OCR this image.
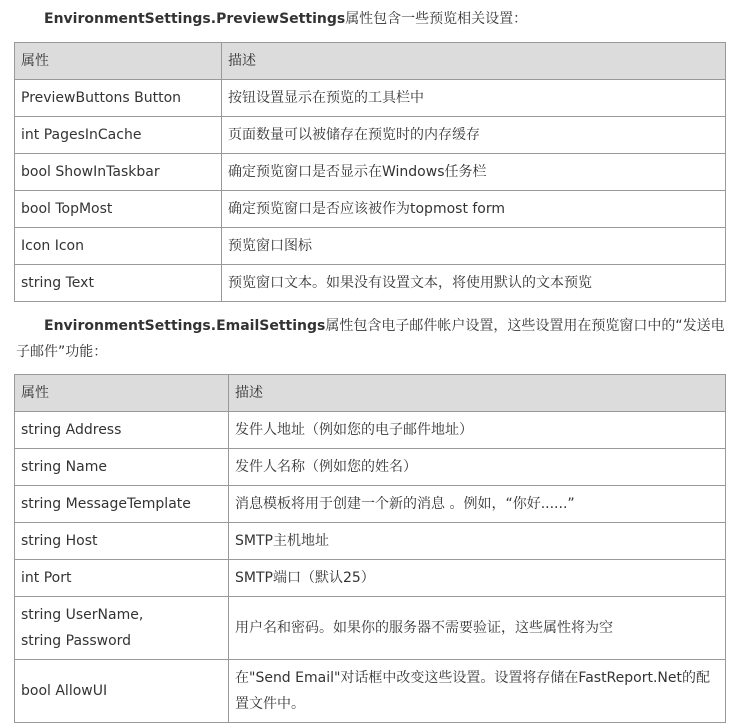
EnvironmentSettings.PreviewSettings属性包含一些预览相关设置：
属性	描述
PreviewButtons Button	按钮设置显示在预览的工具栏中
int PagesInCache	页面数量可以被储存在预览时的内存缓存
bool ShowInTaskbar	确定预览窗口是否显示在Windows任务栏
bool TopMost	确定预览窗口是否应该被作为topmost form
Icon Icon	预览窗口图标
string Text	预览窗口文本。如果没有设置文本，将使用默认的文本预览
EnvironmentSettings.EmailSettings属性包含电子邮件帐户设置，这些设置用在预览窗口中的“发送电子邮件”功能：
属性	描述
string Address	发件人地址（例如您的电子邮件地址）
string Name	发件人名称（例如您的姓名）
string MessageTemplate	消息模板将用于创建一个新的消息 。例如，“你好......”
string Host	SMTP主机地址
int Port	SMTP端口（默认25）
string UserName,
string Password	用户名和密码。如果你的服务器不需要验证，这些属性将为空
bool AllowUI	在"Send Email"对话框中改变这些设置。设置将存储在FastReport.Net的配置文件中。
